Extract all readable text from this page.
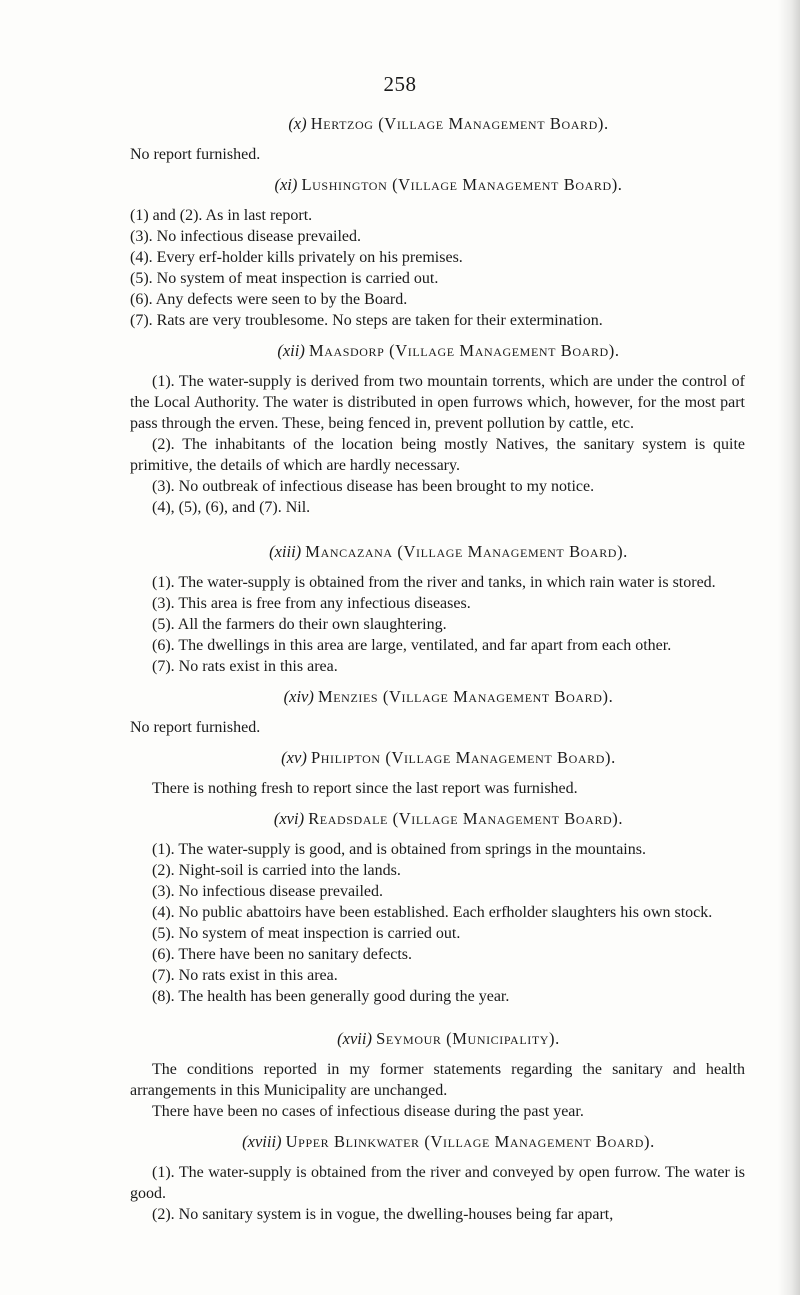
258
(x) Hertzog (Village Management Board).

No report furnished.

(xi) Lushington (Village Management Board).

(1) and (2). As in last report.

(3). No infectious disease prevailed.

(4). Every erf-holder kills privately on his premises.

(5). No system of meat inspection is carried out.

(6). Any defects were seen to by the Board.

(7). Rats are very troublesome. No steps are taken for their extermination.

(xii) Maasdorp (Village Management Board).

(1). The water-supply is derived from two mountain torrents, which are under the control of the Local Authority. The water is distributed in open furrows which, however, for the most part pass through the erven. These, being fenced in, prevent pollution by cattle, etc.

(2). The inhabitants of the location being mostly Natives, the sanitary system is quite primitive, the details of which are hardly necessary.

(3). No outbreak of infectious disease has been brought to my notice.

(4), (5), (6), and (7). Nil.

(xiii) Mancazana (Village Management Board).

(1). The water-supply is obtained from the river and tanks, in which rain water is stored.

(3). This area is free from any infectious diseases.

(5). All the farmers do their own slaughtering.

(6). The dwellings in this area are large, ventilated, and far apart from each other.

(7). No rats exist in this area.

(xiv) Menzies (Village Management Board).

No report furnished.

(xv) Philipton (Village Management Board).

There is nothing fresh to report since the last report was furnished.

(xvi) Readsdale (Village Management Board).

(1). The water-supply is good, and is obtained from springs in the mountains.

(2). Night-soil is carried into the lands.

(3). No infectious disease prevailed.

(4). No public abattoirs have been established. Each erfholder slaughters his own stock.

(5). No system of meat inspection is carried out.

(6). There have been no sanitary defects.

(7). No rats exist in this area.

(8). The health has been generally good during the year.

(xvii) Seymour (Municipality).

The conditions reported in my former statements regarding the sanitary and health arrangements in this Municipality are unchanged.

There have been no cases of infectious disease during the past year.

(xviii) Upper Blinkwater (Village Management Board).

(1). The water-supply is obtained from the river and conveyed by open furrow. The water is good.

(2). No sanitary system is in vogue, the dwelling-houses being far apart,
